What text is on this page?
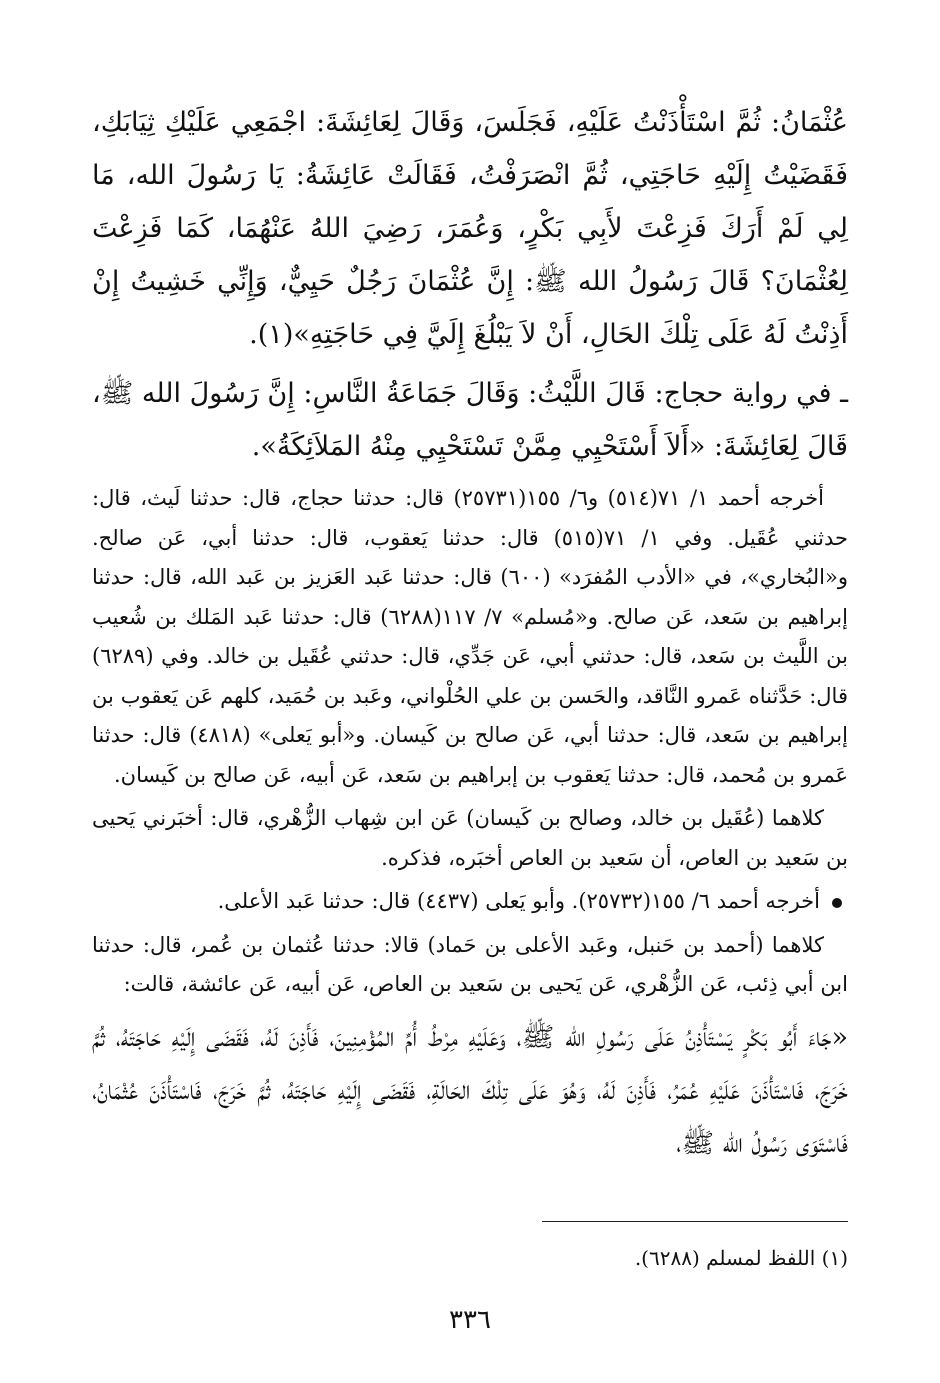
عُثْمَانُ: ثُمَّ اسْتَأْذَنْتُ عَلَيْهِ، فَجَلَسَ، وَقَالَ لِعَائِشَةَ: اجْمَعِي عَلَيْكِ ثِيَابَكِ، فَقَضَيْتُ إِلَيْهِ حَاجَتِي، ثُمَّ انْصَرَفْتُ، فَقَالَتْ عَائِشَةُ: يَا رَسُولَ الله، مَا لِي لَمْ أَرَكَ فَزِعْتَ لأَبِي بَكْرٍ، وَعُمَرَ، رَضِيَ اللهُ عَنْهُمَا، كَمَا فَزِعْتَ لِعُثْمَانَ؟ قَالَ رَسُولُ الله ﷺ: إِنَّ عُثْمَانَ رَجُلٌ حَيِيٌّ، وَإِنِّي خَشِيتُ إِنْ أَذِنْتُ لَهُ عَلَى تِلْكَ الحَالِ، أَنْ لاَ يَبْلُغَ إِلَيَّ فِي حَاجَتِهِ»(١).

ـ في رواية حجاج: قَالَ اللَّيْثُ: وَقَالَ جَمَاعَةُ النَّاسِ: إِنَّ رَسُولَ الله ﷺ، قَالَ لِعَائِشَةَ: «أَلاَ أَسْتَحْيِي مِمَّنْ تَسْتَحْيِي مِنْهُ المَلاَئِكَةُ».

أخرجه أحمد ١/ ٧١(٥١٤) و٦/ ١٥٥(٢٥٧٣١) قال: حدثنا حجاج، قال: حدثنا لَيث، قال: حدثني عُقَيل. وفي ١/ ٧١(٥١٥) قال: حدثنا يَعقوب، قال: حدثنا أبي، عَن صالح. و«البُخاري»، في «الأدب المُفرَد» (٦٠٠) قال: حدثنا عَبد العَزيز بن عَبد الله، قال: حدثنا إبراهيم بن سَعد، عَن صالح. و«مُسلم» ٧/ ١١٧(٦٢٨٨) قال: حدثنا عَبد المَلك بن شُعيب بن اللَّيث بن سَعد، قال: حدثني أبي، عَن جَدِّي، قال: حدثني عُقَيل بن خالد. وفي (٦٢٨٩) قال: حَدَّثناه عَمرو النَّاقد، والحَسن بن علي الحُلْواني، وعَبد بن حُمَيد، كلهم عَن يَعقوب بن إبراهيم بن سَعد، قال: حدثنا أبي، عَن صالح بن كَيسان. و«أبو يَعلى» (٤٨١٨) قال: حدثنا عَمرو بن مُحمد، قال: حدثنا يَعقوب بن إبراهيم بن سَعد، عَن أبيه، عَن صالح بن كَيسان.

كلاهما (عُقَيل بن خالد، وصالح بن كَيسان) عَن ابن شِهاب الزُّهْري، قال: أخبَرني يَحيى بن سَعيد بن العاص، أن سَعيد بن العاص أخبَره، فذكره.

أخرجه أحمد ٦/ ١٥٥(٢٥٧٣٢). وأبو يَعلى (٤٤٣٧) قال: حدثنا عَبد الأعلى.

كلاهما (أحمد بن حَنبل، وعَبد الأعلى بن حَماد) قالا: حدثنا عُثمان بن عُمر، قال: حدثنا ابن أبي ذِئب، عَن الزُّهْري، عَن يَحيى بن سَعيد بن العاص، عَن أبيه، عَن عائشة، قالت:

«جَاءَ أَبُو بَكْرٍ يَسْتَأْذِنُ عَلَى رَسُولِ الله ﷺ، وَعَلَيْهِ مِرْطُ أُمِّ المُؤْمِنِينَ، فَأَذِنَ لَهُ، فَقَضَى إِلَيْهِ حَاجَتَهُ، ثُمَّ خَرَجَ، فَاسْتَأْذَنَ عَلَيْهِ عُمَرُ، فَأَذِنَ لَهُ، وَهُوَ عَلَى تِلْكَ الحَالَةِ، فَقَضَى إِلَيْهِ حَاجَتَهُ، ثُمَّ خَرَجَ، فَاسْتَأْذَنَ عُثْمَانُ، فَاسْتَوَى رَسُولُ الله ﷺ،

(١) اللفظ لمسلم (٦٢٨٨).
٣٣٦
